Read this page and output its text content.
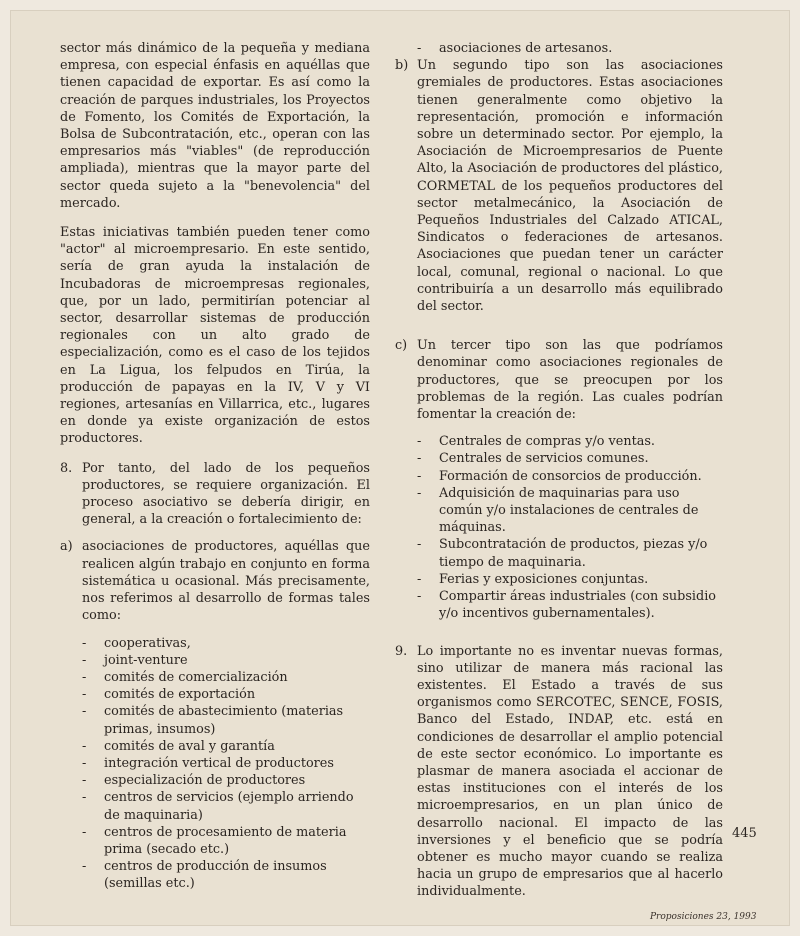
sector más dinámico de la pequeña y mediana empresa, con especial énfasis en aquéllas que tienen capacidad de exportar. Es así como la creación de parques industriales, los Proyectos de Fomento, los Comités de Exportación, la Bolsa de Subcontratación, etc., operan con las empresarios más "viables" (de reproducción ampliada), mientras que la mayor parte del sector queda sujeto a la "benevolencia" del mercado.

Estas iniciativas también pueden tener como "actor" al microempresario. En este sentido, sería de gran ayuda la instalación de Incubadoras de microempresas regionales, que, por un lado, permitirían potenciar al sector, desarrollar sistemas de producción regionales con un alto grado de especialización, como es el caso de los tejidos en La Ligua, los felpudos en Tirúa, la producción de papayas en la IV, V y VI regiones, artesanías en Villarrica, etc., lugares en donde ya existe organización de estos productores.

8. Por tanto, del lado de los pequeños productores, se requiere organización. El proceso asociativo se debería dirigir, en general, a la creación o fortalecimiento de:
a) asociaciones de productores, aquéllas que realicen algún trabajo en conjunto en forma sistemática u ocasional. Más precisamente, nos referimos al desarrollo de formas tales como:
-	cooperativas,
-	joint-venture
-	comités de comercialización
-	comités de exportación
-	comités de abastecimiento (materias primas, insumos)
-	comités de aval y garantía
-	integración vertical de productores
-	especialización de productores
-	centros de servicios (ejemplo arriendo de maquinaria)
-	centros de procesamiento de materia prima (secado etc.)
-	centros de producción de insumos (semillas etc.)
-	asociaciones de artesanos.
b) Un segundo tipo son las asociaciones gremiales de productores. Estas asociaciones tienen generalmente como objetivo la representación, promoción e información sobre un determinado sector. Por ejemplo, la Asociación de Microempresarios de Puente Alto, la Asociación de productores del plástico, CORMETAL de los pequeños productores del sector metalmecánico, la Asociación de Pequeños Industriales del Calzado ATICAL, Sindicatos o federaciones de artesanos. Asociaciones que puedan tener un carácter local, comunal, regional o nacional. Lo que contribuiría a un desarrollo más equilibrado del sector.
c) Un tercer tipo son las que podríamos denominar como asociaciones regionales de productores, que se preocupen por los problemas de la región. Las cuales podrían fomentar la creación de:
-	Centrales de compras y/o ventas.
-	Centrales de servicios comunes.
-	Formación de consorcios de producción.
-	Adquisición de maquinarias para uso común y/o instalaciones de centrales de máquinas.
-	Subcontratación de productos, piezas y/o tiempo de maquinaria.
-	Ferias y exposiciones conjuntas.
-	Compartir áreas industriales (con subsidio y/o incentivos gubernamentales).
9. Lo importante no es inventar nuevas formas, sino utilizar de manera más racional las existentes. El Estado a través de sus organismos como SERCOTEC, SENCE, FOSIS, Banco del Estado, INDAP, etc. está en condiciones de desarrollar el amplio potencial de este sector económico. Lo importante es plasmar de manera asociada el accionar de estas instituciones con el interés de los microempresarios, en un plan único de desarrollo nacional. El impacto de las inversiones y el beneficio que se podría obtener es mucho mayor cuando se realiza hacia un grupo de empresarios que al hacerlo individualmente.
445
Proposiciones 23, 1993
